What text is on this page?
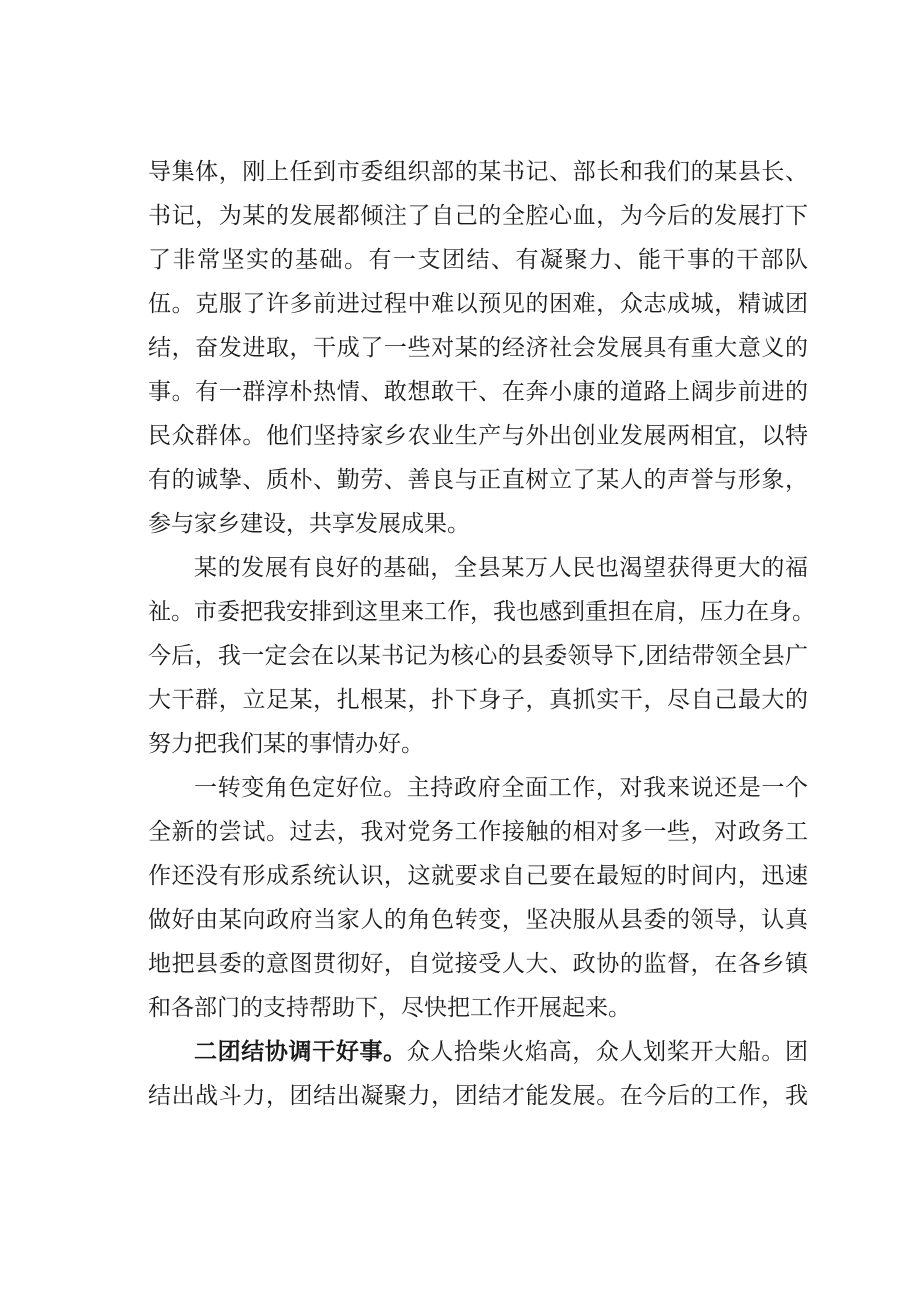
导集体，刚上任到市委组织部的某书记、部长和我们的某县长、
书记，为某的发展都倾注了自己的全腔心血，为今后的发展打下
了非常坚实的基础。有一支团结、有凝聚力、能干事的干部队
伍。克服了许多前进过程中难以预见的困难，众志成城，精诚团
结，奋发进取，干成了一些对某的经济社会发展具有重大意义的
事。有一群淳朴热情、敢想敢干、在奔小康的道路上阔步前进的
民众群体。他们坚持家乡农业生产与外出创业发展两相宜，以特
有的诚挚、质朴、勤劳、善良与正直树立了某人的声誉与形象，
参与家乡建设，共享发展成果。
某的发展有良好的基础，全县某万人民也渴望获得更大的福
祉。市委把我安排到这里来工作，我也感到重担在肩，压力在身。
今后，我一定会在以某书记为核心的县委领导下,团结带领全县广
大干群，立足某，扎根某，扑下身子，真抓实干，尽自己最大的
努力把我们某的事情办好。
一转变角色定好位。主持政府全面工作，对我来说还是一个
全新的尝试。过去，我对党务工作接触的相对多一些，对政务工
作还没有形成系统认识，这就要求自己要在最短的时间内，迅速
做好由某向政府当家人的角色转变，坚决服从县委的领导，认真
地把县委的意图贯彻好，自觉接受人大、政协的监督，在各乡镇
和各部门的支持帮助下，尽快把工作开展起来。
二团结协调干好事。众人拾柴火焰高，众人划桨开大船。团
结出战斗力，团结出凝聚力，团结才能发展。在今后的工作，我
